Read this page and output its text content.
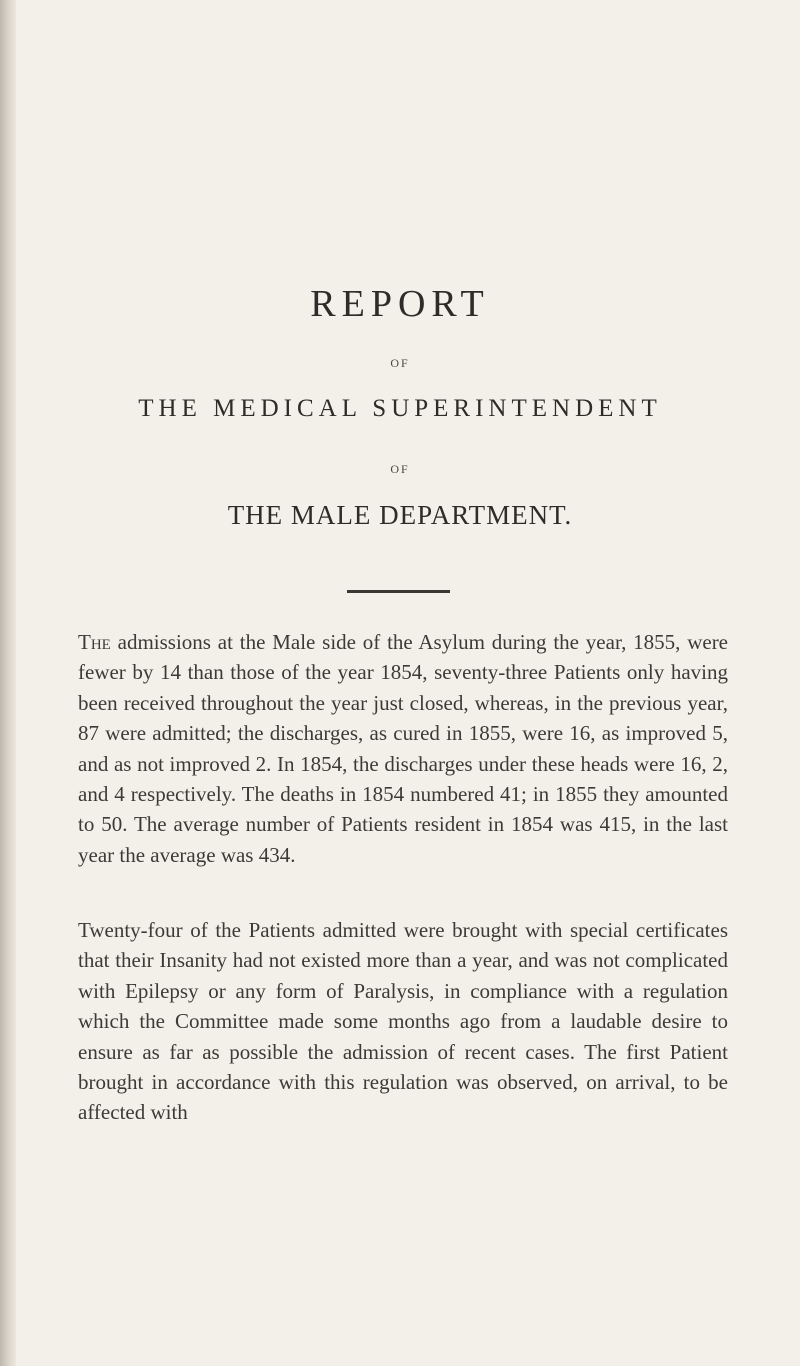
REPORT
OF
THE MEDICAL SUPERINTENDENT
OF
THE MALE DEPARTMENT.

The admissions at the Male side of the Asylum during the year, 1855, were fewer by 14 than those of the year 1854, seventy-three Patients only having been received throughout the year just closed, whereas, in the previous year, 87 were admitted; the discharges, as cured in 1855, were 16, as improved 5, and as not improved 2. In 1854, the discharges under these heads were 16, 2, and 4 respectively. The deaths in 1854 numbered 41; in 1855 they amounted to 50. The average number of Patients resident in 1854 was 415, in the last year the average was 434.

Twenty-four of the Patients admitted were brought with special certificates that their Insanity had not existed more than a year, and was not complicated with Epilepsy or any form of Paralysis, in compliance with a regulation which the Committee made some months ago from a laudable desire to ensure as far as possible the admission of recent cases. The first Patient brought in accordance with this regulation was observed, on arrival, to be affected with
